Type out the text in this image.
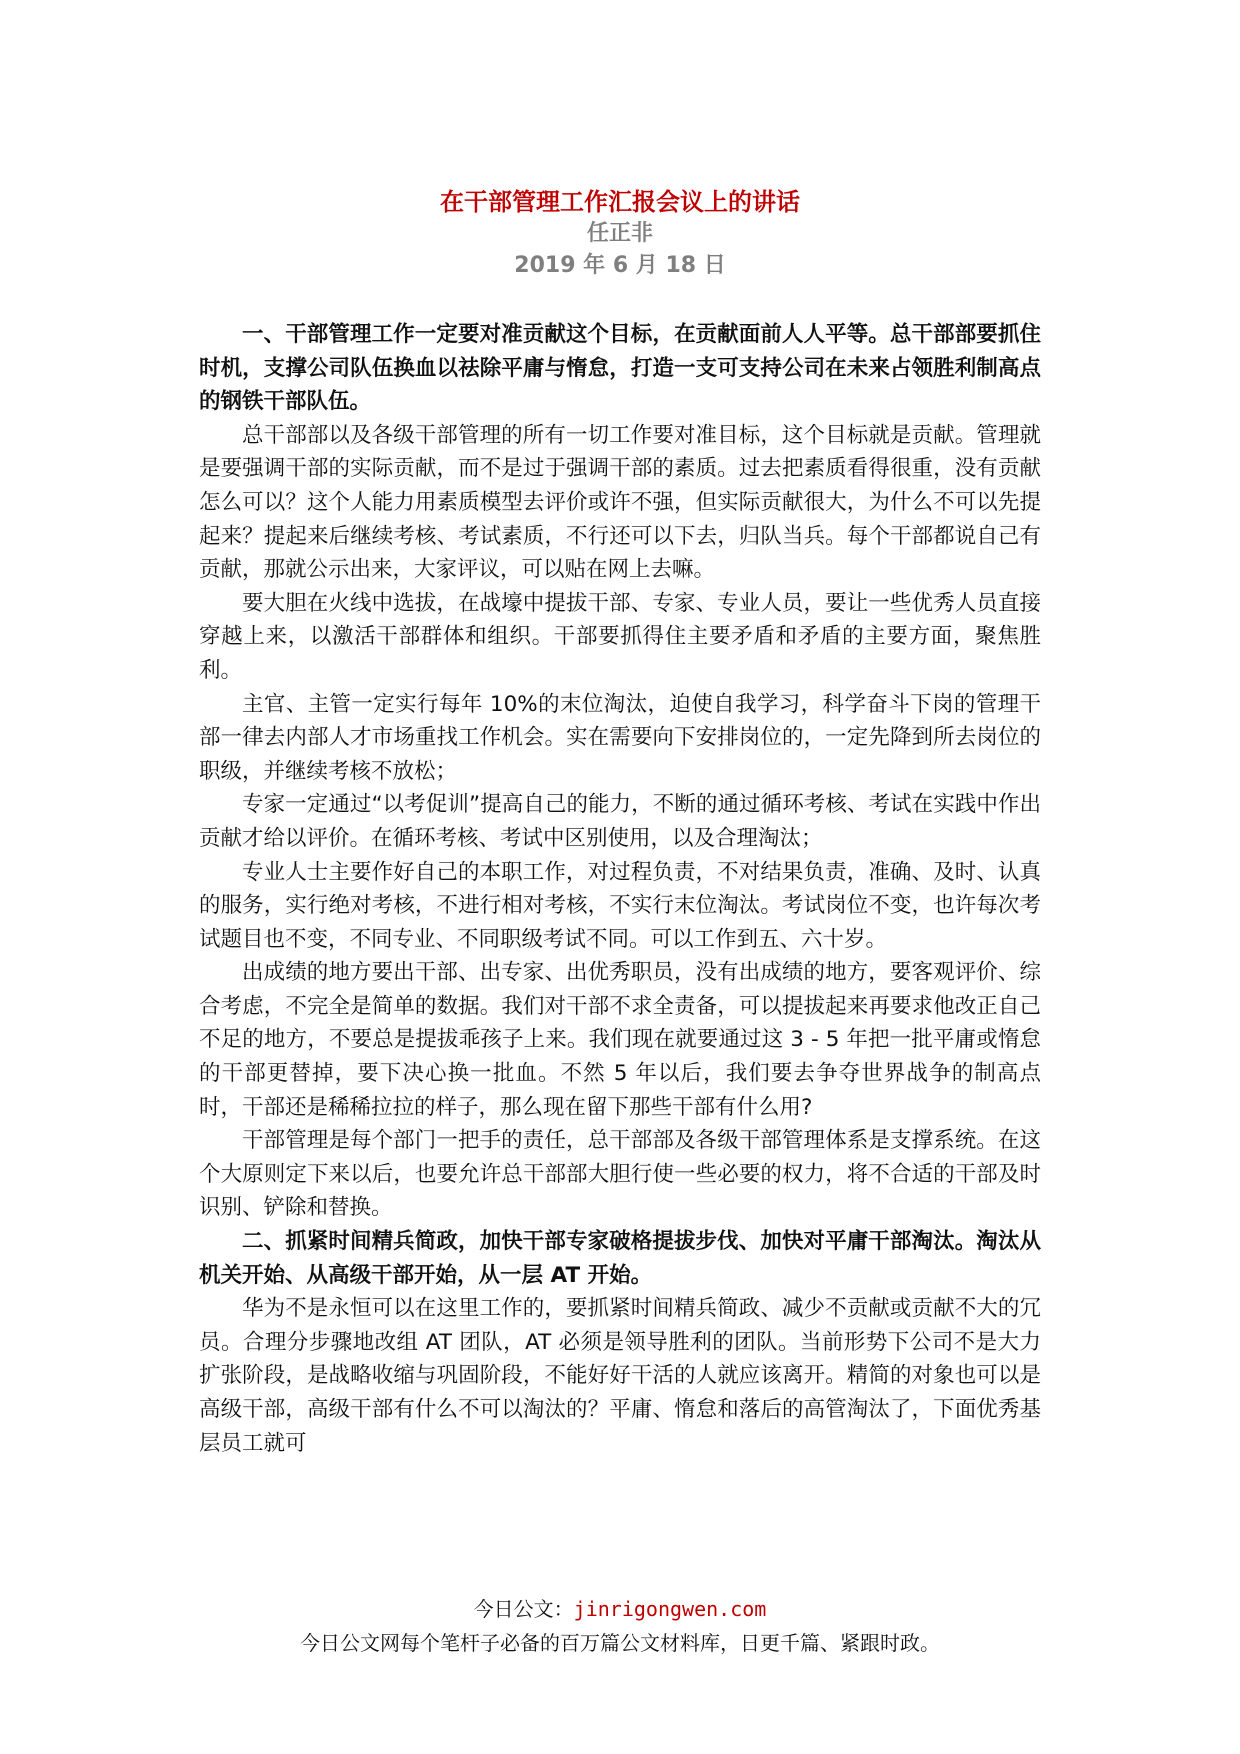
在干部管理工作汇报会议上的讲话

任正非

2019 年 6 月 18 日

一、干部管理工作一定要对准贡献这个目标，在贡献面前人人平等。总干部部要抓住时机，支撑公司队伍换血以祛除平庸与惰怠，打造一支可支持公司在未来占领胜利制高点的钢铁干部队伍。

总干部部以及各级干部管理的所有一切工作要对准目标，这个目标就是贡献。管理就是要强调干部的实际贡献，而不是过于强调干部的素质。过去把素质看得很重，没有贡献怎么可以？这个人能力用素质模型去评价或许不强，但实际贡献很大，为什么不可以先提起来？提起来后继续考核、考试素质，不行还可以下去，归队当兵。每个干部都说自己有贡献，那就公示出来，大家评议，可以贴在网上去嘛。

要大胆在火线中选拔，在战壕中提拔干部、专家、专业人员，要让一些优秀人员直接穿越上来，以激活干部群体和组织。干部要抓得住主要矛盾和矛盾的主要方面，聚焦胜利。

主官、主管一定实行每年 10%的末位淘汰，迫使自我学习，科学奋斗下岗的管理干部一律去内部人才市场重找工作机会。实在需要向下安排岗位的，一定先降到所去岗位的职级，并继续考核不放松；

专家一定通过“以考促训”提高自己的能力，不断的通过循环考核、考试在实践中作出贡献才给以评价。在循环考核、考试中区别使用，以及合理淘汰；

专业人士主要作好自己的本职工作，对过程负责，不对结果负责，准确、及时、认真的服务，实行绝对考核，不进行相对考核，不实行末位淘汰。考试岗位不变，也许每次考试题目也不变，不同专业、不同职级考试不同。可以工作到五、六十岁。

出成绩的地方要出干部、出专家、出优秀职员，没有出成绩的地方，要客观评价、综合考虑，不完全是简单的数据。我们对干部不求全责备，可以提拔起来再要求他改正自己不足的地方，不要总是提拔乖孩子上来。我们现在就要通过这 3 - 5 年把一批平庸或惰怠的干部更替掉，要下决心换一批血。不然 5 年以后，我们要去争夺世界战争的制高点时，干部还是稀稀拉拉的样子，那么现在留下那些干部有什么用?

干部管理是每个部门一把手的责任，总干部部及各级干部管理体系是支撑系统。在这个大原则定下来以后，也要允许总干部部大胆行使一些必要的权力，将不合适的干部及时识别、铲除和替换。

二、抓紧时间精兵简政，加快干部专家破格提拔步伐、加快对平庸干部淘汰。淘汰从机关开始、从高级干部开始，从一层 AT 开始。

华为不是永恒可以在这里工作的，要抓紧时间精兵简政、减少不贡献或贡献不大的冗员。合理分步骤地改组 AT 团队，AT 必须是领导胜利的团队。当前形势下公司不是大力扩张阶段，是战略收缩与巩固阶段，不能好好干活的人就应该离开。精简的对象也可以是高级干部，高级干部有什么不可以淘汰的？平庸、惰怠和落后的高管淘汰了，下面优秀基层员工就可

今日公文：jinrigongwen.com
今日公文网每个笔杆子必备的百万篇公文材料库，日更千篇、紧跟时政。
